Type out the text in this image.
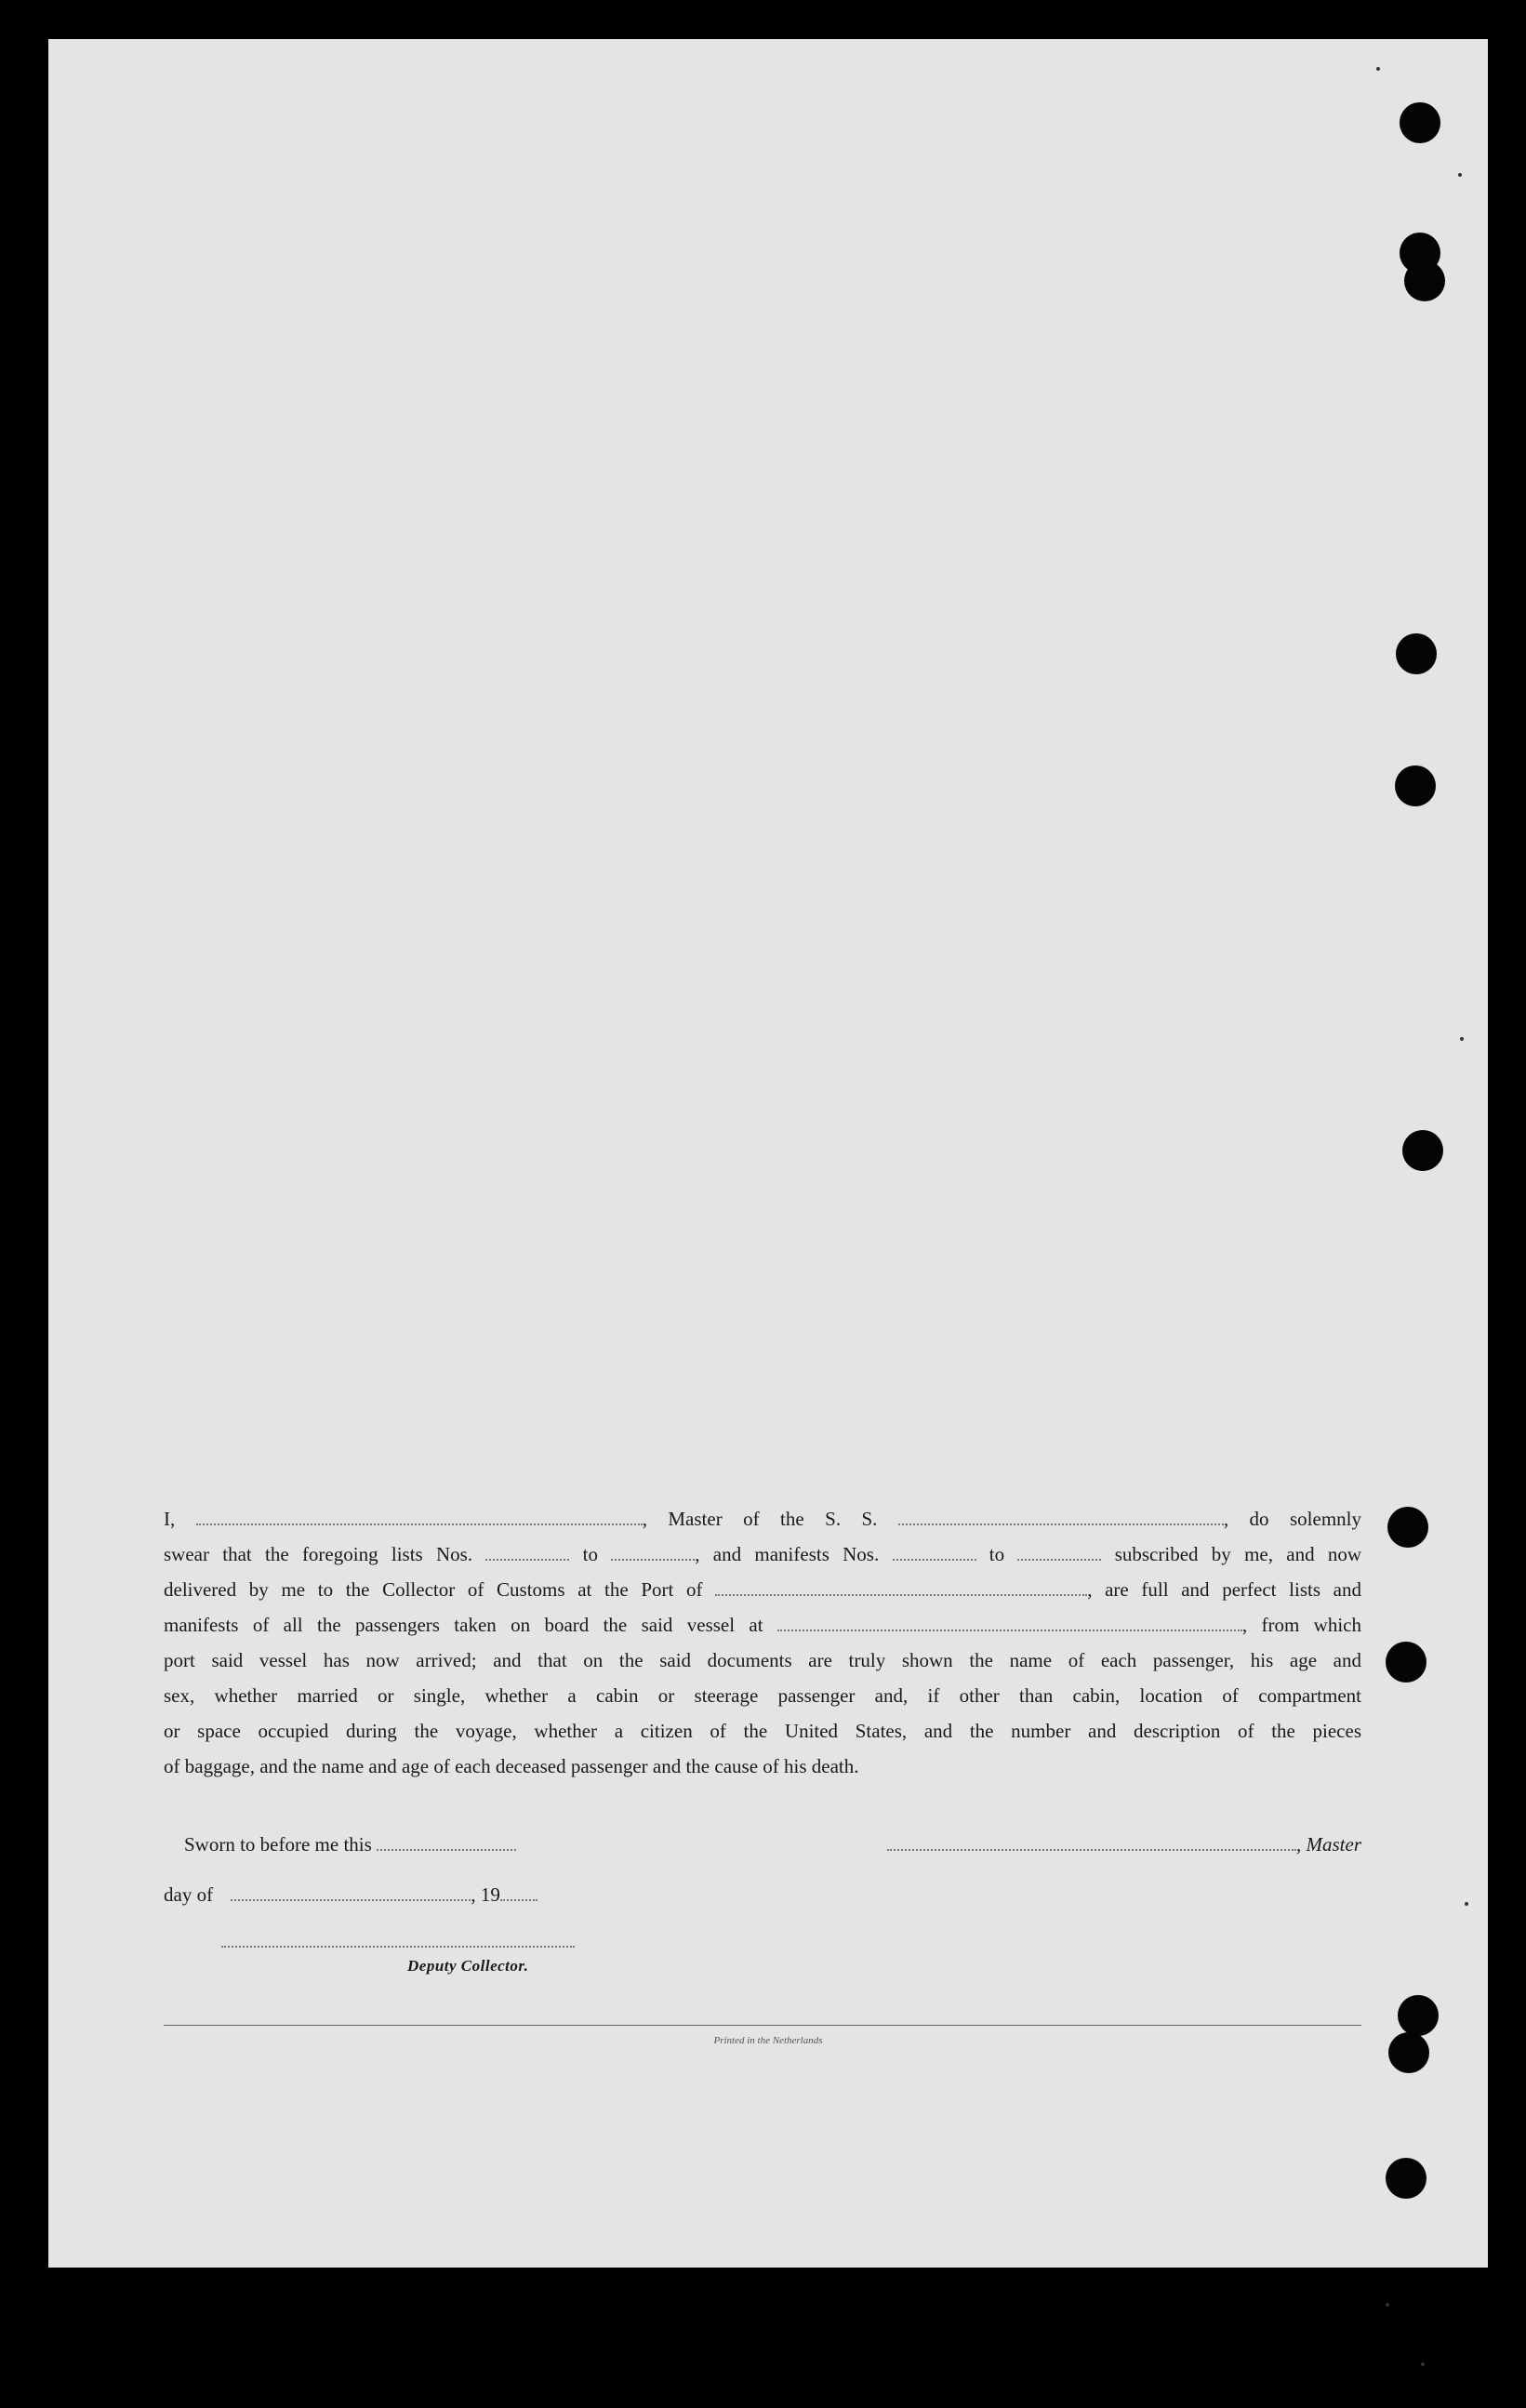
I,	, Master of the S. S.	, do solemnly
swear that the foregoing lists Nos.	to	, and manifests Nos.	to	subscribed by me, and now
delivered by me to the Collector of Customs at the Port of	, are full and perfect lists and
manifests of all the passengers taken on board the said vessel at	, from which
port said vessel has now arrived; and that on the said documents are truly shown the name of each passenger, his age and
sex, whether married or single, whether a cabin or steerage passenger and, if other than cabin, location of compartment
or space occupied during the voyage, whether a citizen of the United States, and the number and description of the pieces
of baggage, and the name and age of each deceased passenger and the cause of his death.
Sworn to before me this	, Master
day of	, 19
Deputy Collector.
Printed in the Netherlands
